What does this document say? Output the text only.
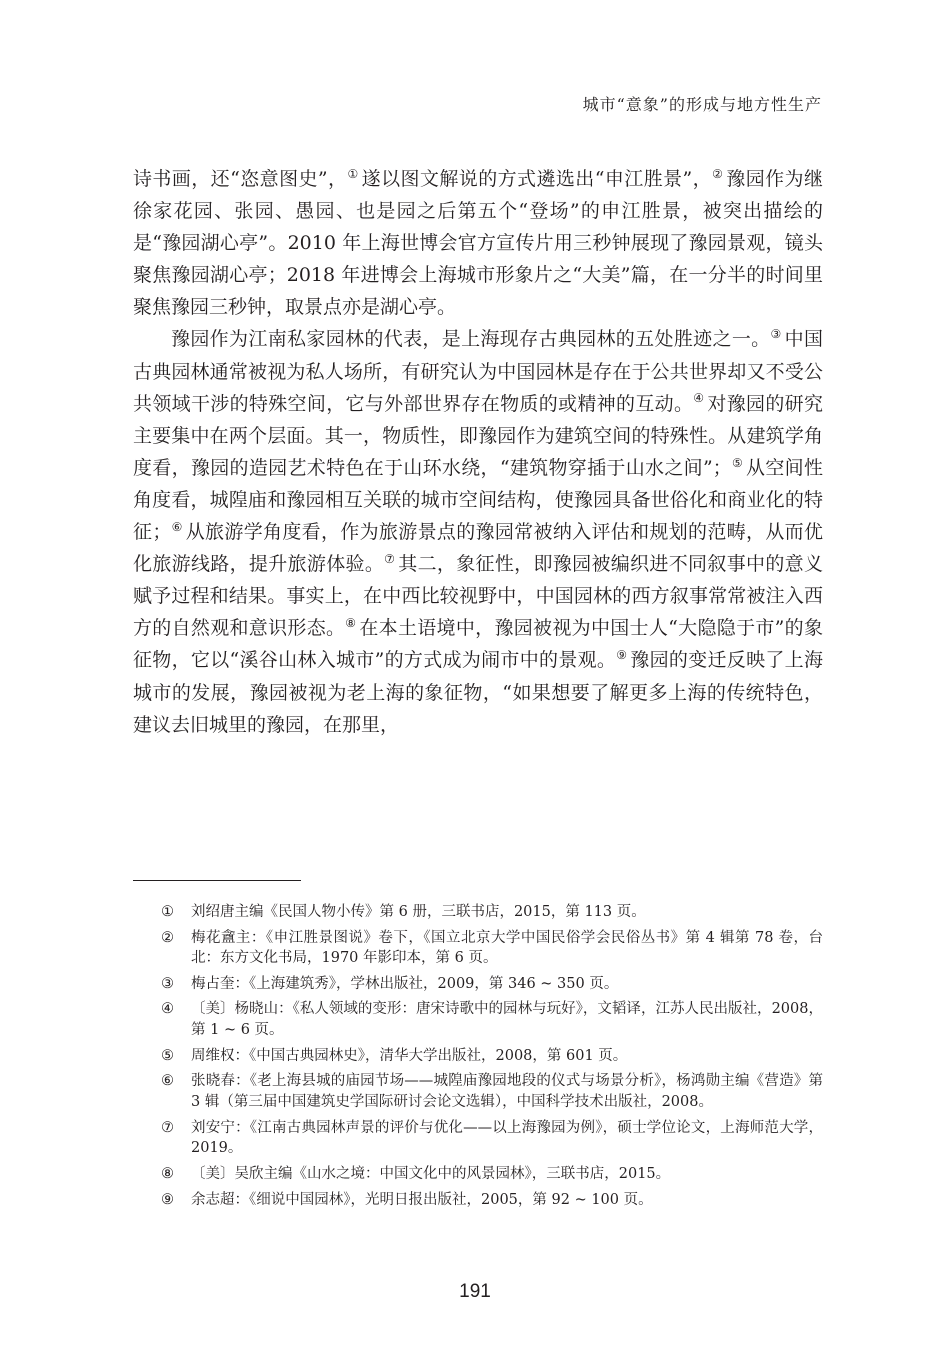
城市“意象”的形成与地方性生产

诗书画，还“恣意图史”，① 遂以图文解说的方式遴选出“申江胜景”，② 豫园作为继徐家花园、张园、愚园、也是园之后第五个“登场”的申江胜景，被突出描绘的是“豫园湖心亭”。2010 年上海世博会官方宣传片用三秒钟展现了豫园景观，镜头聚焦豫园湖心亭；2018 年进博会上海城市形象片之“大美”篇，在一分半的时间里聚焦豫园三秒钟，取景点亦是湖心亭。

豫园作为江南私家园林的代表，是上海现存古典园林的五处胜迹之一。③ 中国古典园林通常被视为私人场所，有研究认为中国园林是存在于公共世界却又不受公共领域干涉的特殊空间，它与外部世界存在物质的或精神的互动。④ 对豫园的研究主要集中在两个层面。其一，物质性，即豫园作为建筑空间的特殊性。从建筑学角度看，豫园的造园艺术特色在于山环水绕，“建筑物穿插于山水之间”；⑤ 从空间性角度看，城隍庙和豫园相互关联的城市空间结构，使豫园具备世俗化和商业化的特征；⑥ 从旅游学角度看，作为旅游景点的豫园常被纳入评估和规划的范畴，从而优化旅游线路，提升旅游体验。⑦ 其二，象征性，即豫园被编织进不同叙事中的意义赋予过程和结果。事实上，在中西比较视野中，中国园林的西方叙事常常被注入西方的自然观和意识形态。⑧ 在本土语境中，豫园被视为中国士人“大隐隐于市”的象征物，它以“溪谷山林入城市”的方式成为闹市中的景观。⑨ 豫园的变迁反映了上海城市的发展，豫园被视为老上海的象征物，“如果想要了解更多上海的传统特色，建议去旧城里的豫园，在那里，

①	刘绍唐主编《民国人物小传》第 6 册，三联书店，2015，第 113 页。
②	梅花盦主：《申江胜景图说》卷下，《国立北京大学中国民俗学会民俗丛书》第 4 辑第 78 卷，台北：东方文化书局，1970 年影印本，第 6 页。
③	梅占奎：《上海建筑秀》，学林出版社，2009，第 346 ~ 350 页。
④	〔美〕杨晓山：《私人领域的变形：唐宋诗歌中的园林与玩好》，文韬译，江苏人民出版社，2008，第 1 ~ 6 页。
⑤	周维权：《中国古典园林史》，清华大学出版社，2008，第 601 页。
⑥	张晓春：《老上海县城的庙园节场——城隍庙豫园地段的仪式与场景分析》，杨鸿勋主编《营造》第 3 辑（第三届中国建筑史学国际研讨会论文选辑），中国科学技术出版社，2008。
⑦	刘安宁：《江南古典园林声景的评价与优化——以上海豫园为例》，硕士学位论文，上海师范大学，2019。
⑧	〔美〕吴欣主编《山水之境：中国文化中的风景园林》，三联书店，2015。
⑨	余志超：《细说中国园林》，光明日报出版社，2005，第 92 ~ 100 页。
191
